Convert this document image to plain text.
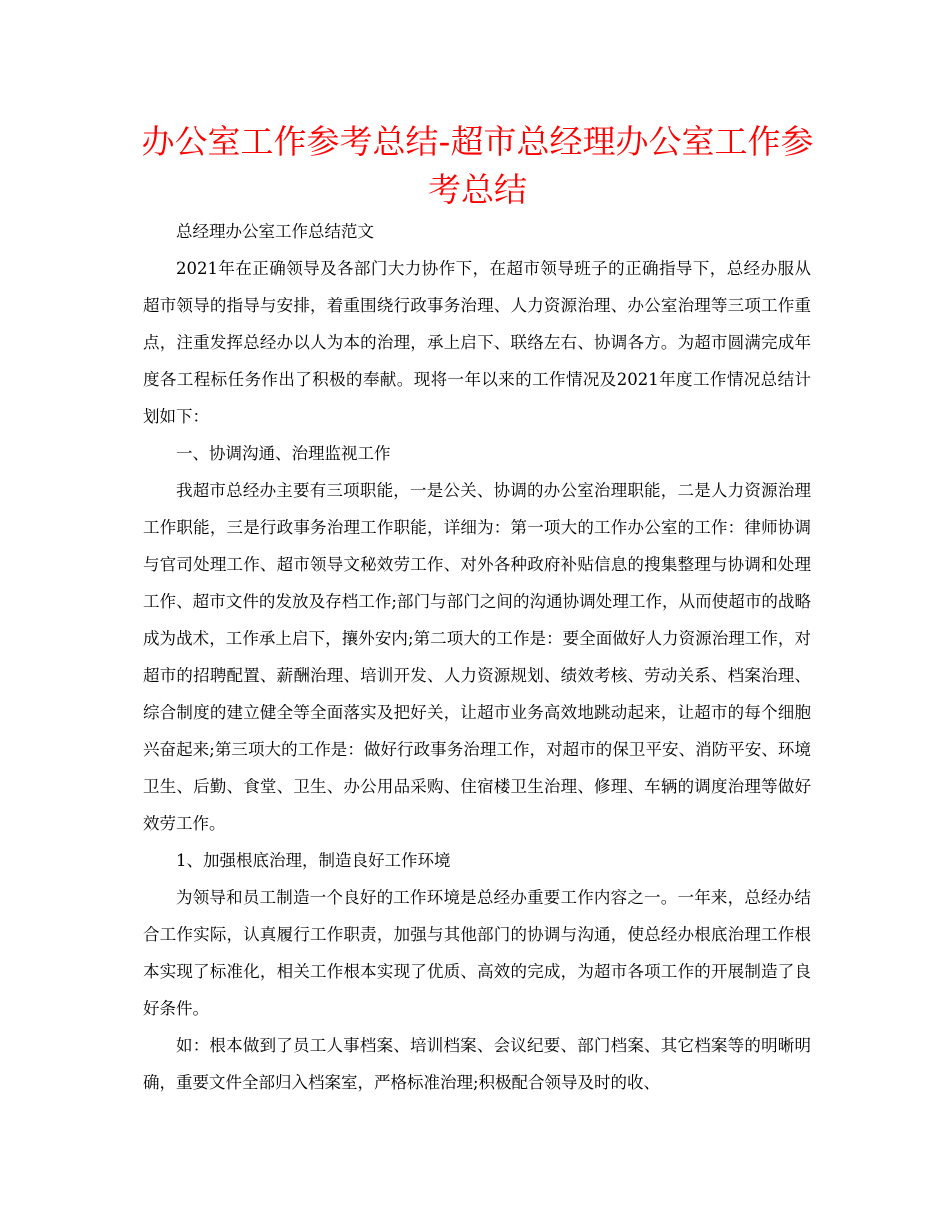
办公室工作参考总结-超市总经理办公室工作参考总结

总经理办公室工作总结范文

2021年在正确领导及各部门大力协作下，在超市领导班子的正确指导下，总经办服从超市领导的指导与安排，着重围绕行政事务治理、人力资源治理、办公室治理等三项工作重点，注重发挥总经办以人为本的治理，承上启下、联络左右、协调各方。为超市圆满完成年度各工程标任务作出了积极的奉献。现将一年以来的工作情况及2021年度工作情况总结计划如下：

一、协调沟通、治理监视工作

我超市总经办主要有三项职能，一是公关、协调的办公室治理职能，二是人力资源治理工作职能，三是行政事务治理工作职能，详细为：第一项大的工作办公室的工作：律师协调与官司处理工作、超市领导文秘效劳工作、对外各种政府补贴信息的搜集整理与协调和处理工作、超市文件的发放及存档工作;部门与部门之间的沟通协调处理工作，从而使超市的战略成为战术，工作承上启下，攘外安内;第二项大的工作是：要全面做好人力资源治理工作，对超市的招聘配置、薪酬治理、培训开发、人力资源规划、绩效考核、劳动关系、档案治理、综合制度的建立健全等全面落实及把好关，让超市业务高效地跳动起来，让超市的每个细胞兴奋起来;第三项大的工作是：做好行政事务治理工作，对超市的保卫平安、消防平安、环境卫生、后勤、食堂、卫生、办公用品采购、住宿楼卫生治理、修理、车辆的调度治理等做好效劳工作。

1、加强根底治理，制造良好工作环境

为领导和员工制造一个良好的工作环境是总经办重要工作内容之一。一年来，总经办结合工作实际，认真履行工作职责，加强与其他部门的协调与沟通，使总经办根底治理工作根本实现了标准化，相关工作根本实现了优质、高效的完成，为超市各项工作的开展制造了良好条件。

如：根本做到了员工人事档案、培训档案、会议纪要、部门档案、其它档案等的明晰明确，重要文件全部归入档案室，严格标准治理;积极配合领导及时的收、
